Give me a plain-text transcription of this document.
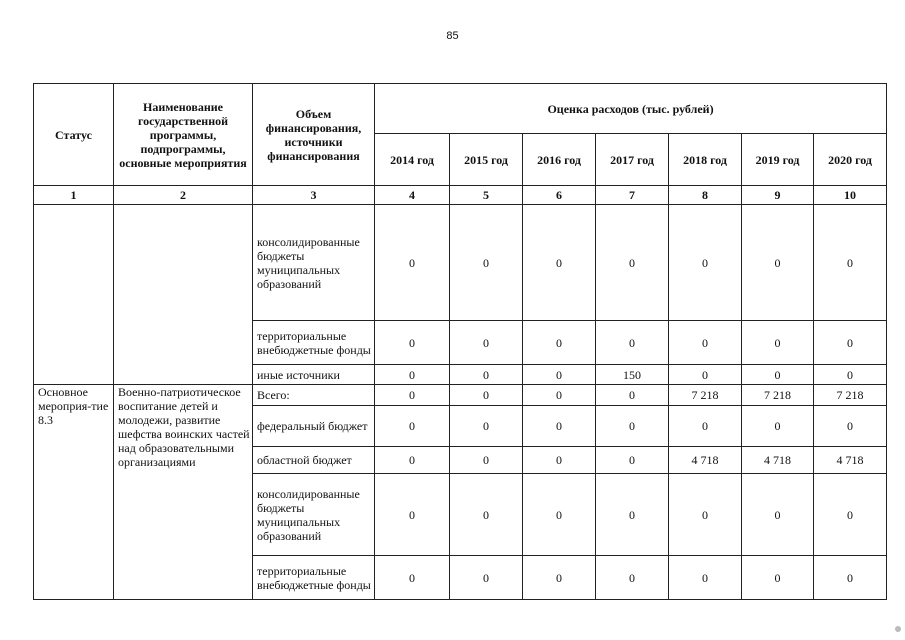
85
Статус	Наименование государственной программы, подпрограммы, основные мероприятия	Объем финансирования, источники финансирования	Оценка расходов (тыс. рублей)						
			2014 год	2015 год	2016 год	2017 год	2018 год	2019 год	2020 год
1	2	3	4	5	6	7	8	9	10
		консолидированные бюджеты муниципальных образований	0	0	0	0	0	0	0
		территориальные внебюджетные фонды	0	0	0	0	0	0	0
		иные источники	0	0	0	150	0	0	0
Основное мероприя-тие 8.3	Военно-патриотическое воспитание детей и молодежи, развитие шефства воинских частей над образовательными организациями	Всего:	0	0	0	0	7 218	7 218	7 218
		федеральный бюджет	0	0	0	0	0	0	0
		областной бюджет	0	0	0	0	4 718	4 718	4 718
		консолидированные бюджеты муниципальных образований	0	0	0	0	0	0	0
		территориальные внебюджетные фонды	0	0	0	0	0	0	0
